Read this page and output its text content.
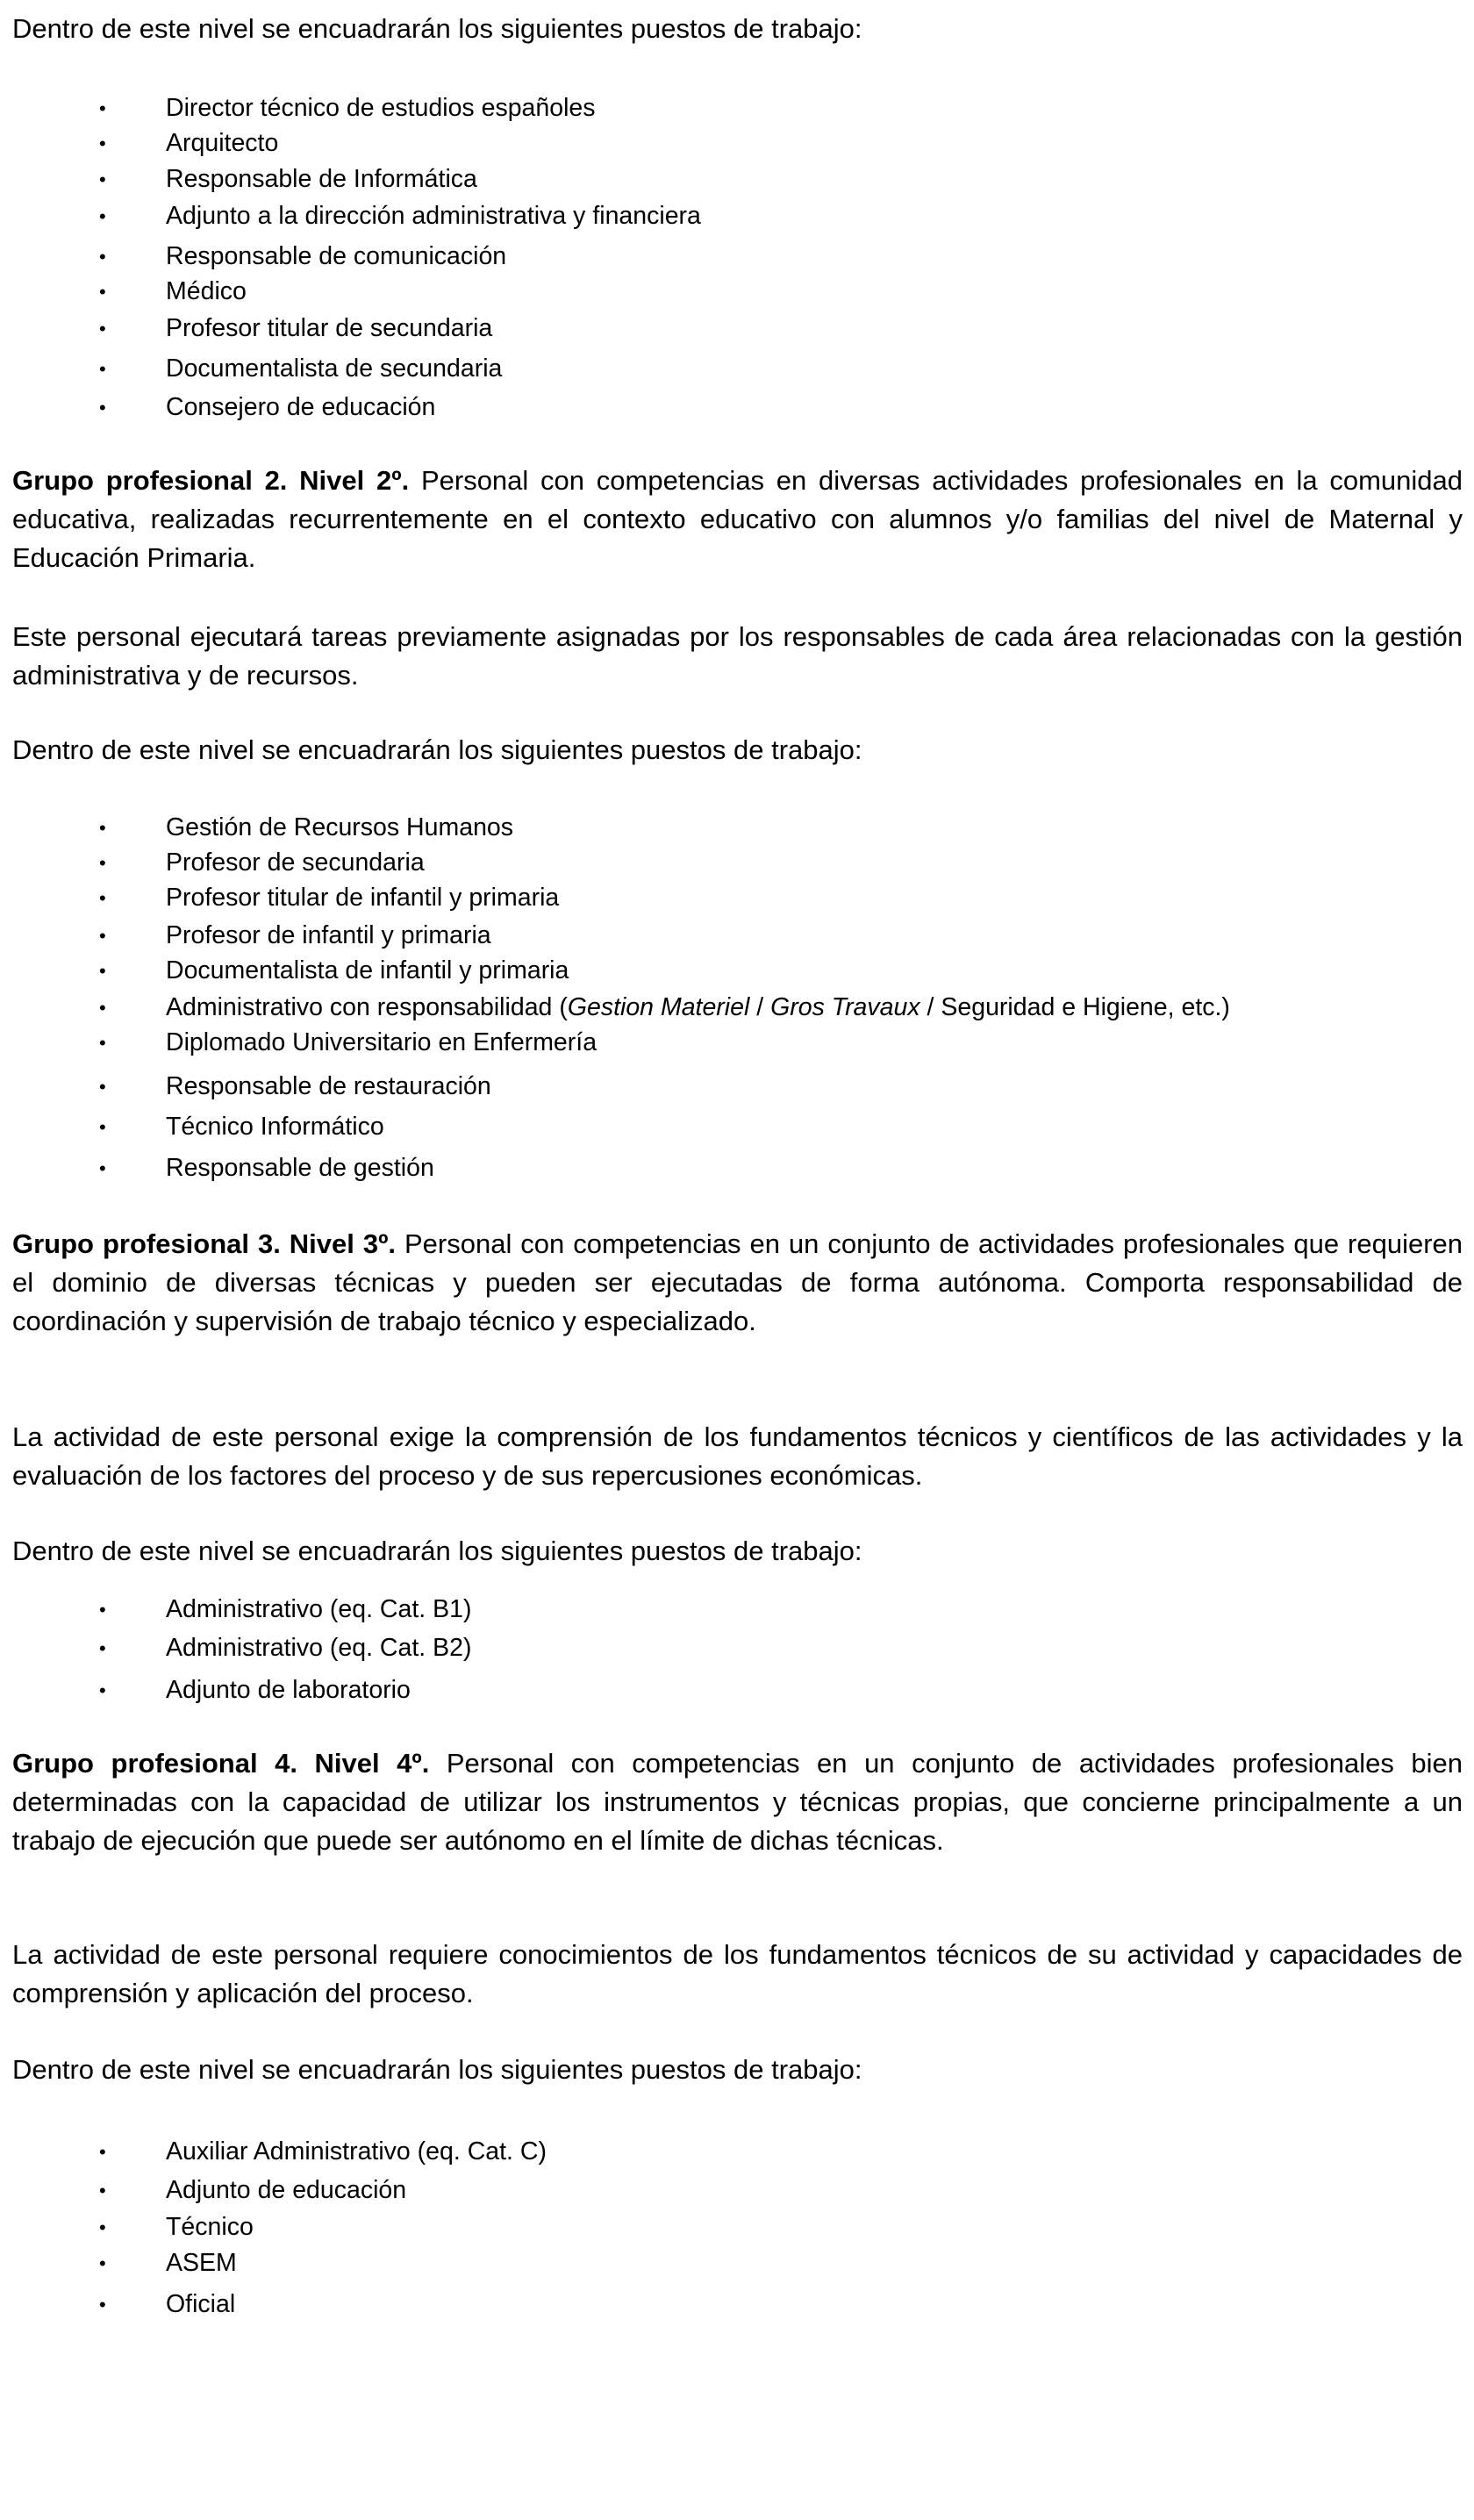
Dentro de este nivel se encuadrarán los siguientes puestos de trabajo:

• Director técnico de estudios españoles
• Arquitecto
• Responsable de Informática
• Adjunto a la dirección administrativa y financiera
• Responsable de comunicación
• Médico
• Profesor titular de secundaria
• Documentalista de secundaria
• Consejero de educación

Grupo profesional 2. Nivel 2º. Personal con competencias en diversas actividades profesionales en la comunidad educativa, realizadas recurrentemente en el contexto educativo con alumnos y/o familias del nivel de Maternal y Educación Primaria.

Este personal ejecutará tareas previamente asignadas por los responsables de cada área relacionadas con la gestión administrativa y de recursos.

Dentro de este nivel se encuadrarán los siguientes puestos de trabajo:

• Gestión de Recursos Humanos
• Profesor de secundaria
• Profesor titular de infantil y primaria
• Profesor de infantil y primaria
• Documentalista de infantil y primaria
• Administrativo con responsabilidad (Gestion Materiel / Gros Travaux / Seguridad e Higiene, etc.)
• Diplomado Universitario en Enfermería
• Responsable de restauración
• Técnico Informático
• Responsable de gestión

Grupo profesional 3. Nivel 3º. Personal con competencias en un conjunto de actividades profesionales que requieren el dominio de diversas técnicas y pueden ser ejecutadas de forma autónoma. Comporta responsabilidad de coordinación y supervisión de trabajo técnico y especializado.

La actividad de este personal exige la comprensión de los fundamentos técnicos y científicos de las actividades y la evaluación de los factores del proceso y de sus repercusiones económicas.

Dentro de este nivel se encuadrarán los siguientes puestos de trabajo:

• Administrativo (eq. Cat. B1)
• Administrativo (eq. Cat. B2)
• Adjunto de laboratorio

Grupo profesional 4. Nivel 4º. Personal con competencias en un conjunto de actividades profesionales bien determinadas con la capacidad de utilizar los instrumentos y técnicas propias, que concierne principalmente a un trabajo de ejecución que puede ser autónomo en el límite de dichas técnicas.

La actividad de este personal requiere conocimientos de los fundamentos técnicos de su actividad y capacidades de comprensión y aplicación del proceso.

Dentro de este nivel se encuadrarán los siguientes puestos de trabajo:

• Auxiliar Administrativo (eq. Cat. C)
• Adjunto de educación
• Técnico
• ASEM
• Oficial
